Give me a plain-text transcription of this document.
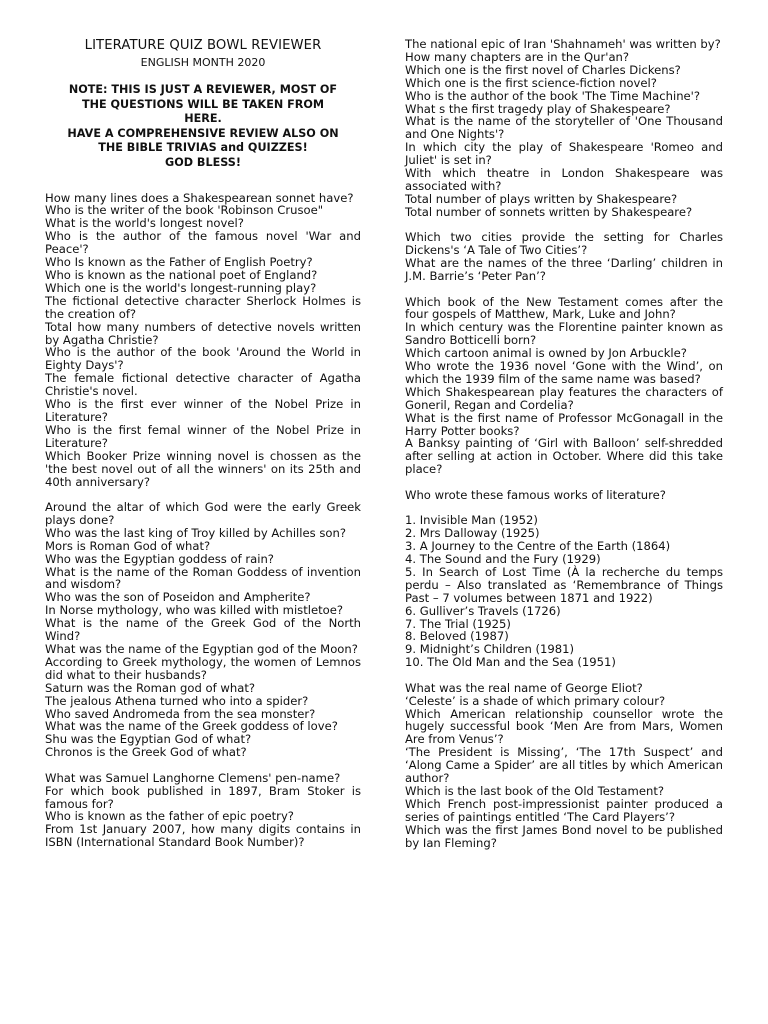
LITERATURE QUIZ BOWL REVIEWER
ENGLISH MONTH 2020
NOTE: THIS IS JUST A REVIEWER, MOST OF
THE QUESTIONS WILL BE TAKEN FROM
HERE.
HAVE A COMPREHENSIVE REVIEW ALSO ON
THE BIBLE TRIVIAS and QUIZZES!
GOD BLESS!

How many lines does a Shakespearean sonnet have?

Who is the writer of the book 'Robinson Crusoe"

What is the world's longest novel?

Who is the author of the famous novel 'War and Peace'?

Who Is known as the Father of English Poetry?

Who is known as the national poet of England?

Which one is the world's longest-running play?

The fictional detective character Sherlock Holmes is the creation of?

Total how many numbers of detective novels written by Agatha Christie?

Who is the author of the book 'Around the World in Eighty Days'?

The female fictional detective character of Agatha Christie's novel.

Who is the first ever winner of the Nobel Prize in Literature?

Who is the first femal winner of the Nobel Prize in Literature?

Which Booker Prize winning novel is chossen as the 'the best novel out of all the winners' on its 25th and 40th anniversary?

Around the altar of which God were the early Greek plays done?

Who was the last king of Troy killed by Achilles son?

Mors is Roman God of what?

Who was the Egyptian goddess of rain?

What is the name of the Roman Goddess of invention and wisdom?

Who was the son of Poseidon and Ampherite?

In Norse mythology, who was killed with mistletoe?

What is the name of the Greek God of the North Wind?

What was the name of the Egyptian god of the Moon?

According to Greek mythology, the women of Lemnos did what to their husbands?

Saturn was the Roman god of what?

The jealous Athena turned who into a spider?

Who saved Andromeda from the sea monster?

What was the name of the Greek goddess of love?

Shu was the Egyptian God of what?

Chronos is the Greek God of what?

What was Samuel Langhorne Clemens' pen-name?

For which book published in 1897, Bram Stoker is famous for?

Who is known as the father of epic poetry?

From 1st January 2007, how many digits contains in ISBN (International Standard Book Number)?

The national epic of Iran 'Shahnameh' was written by?

How many chapters are in the Qur'an?

Which one is the first novel of Charles Dickens?

Which one is the first science-fiction novel?

Who is the author of the book 'The Time Machine'?

What s the first tragedy play of Shakespeare?

What is the name of the storyteller of 'One Thousand and One Nights'?

In which city the play of Shakespeare 'Romeo and Juliet' is set in?

With which theatre in London Shakespeare was associated with?

Total number of plays written by Shakespeare?

Total number of sonnets written by Shakespeare?

Which two cities provide the setting for Charles Dickens's ‘A Tale of Two Cities’?

What are the names of the three ‘Darling’ children in J.M. Barrie’s ‘Peter Pan’?

Which book of the New Testament comes after the four gospels of Matthew, Mark, Luke and John?

In which century was the Florentine painter known as Sandro Botticelli born?

Which cartoon animal is owned by Jon Arbuckle?

Who wrote the 1936 novel ‘Gone with the Wind’, on which the 1939 film of the same name was based?

Which Shakespearean play features the characters of Goneril, Regan and Cordelia?

What is the first name of Professor McGonagall in the Harry Potter books?

A Banksy painting of ‘Girl with Balloon’ self-shredded after selling at action in October. Where did this take place?

Who wrote these famous works of literature?

1. Invisible Man (1952)

2. Mrs Dalloway (1925)

3. A Journey to the Centre of the Earth (1864)

4. The Sound and the Fury (1929)

5. In Search of Lost Time (À la recherche du temps perdu – Also translated as ‘Remembrance of Things Past – 7 volumes between 1871 and 1922)

6. Gulliver’s Travels (1726)

7. The Trial (1925)

8. Beloved (1987)

9. Midnight’s Children (1981)

10. The Old Man and the Sea (1951)

What was the real name of George Eliot?

‘Celeste’ is a shade of which primary colour?

Which American relationship counsellor wrote the hugely successful book ‘Men Are from Mars, Women Are from Venus’?

‘The President is Missing’, ‘The 17th Suspect’ and ‘Along Came a Spider’ are all titles by which American author?

Which is the last book of the Old Testament?

Which French post-impressionist painter produced a series of paintings entitled ‘The Card Players’?

Which was the first James Bond novel to be published by Ian Fleming?
